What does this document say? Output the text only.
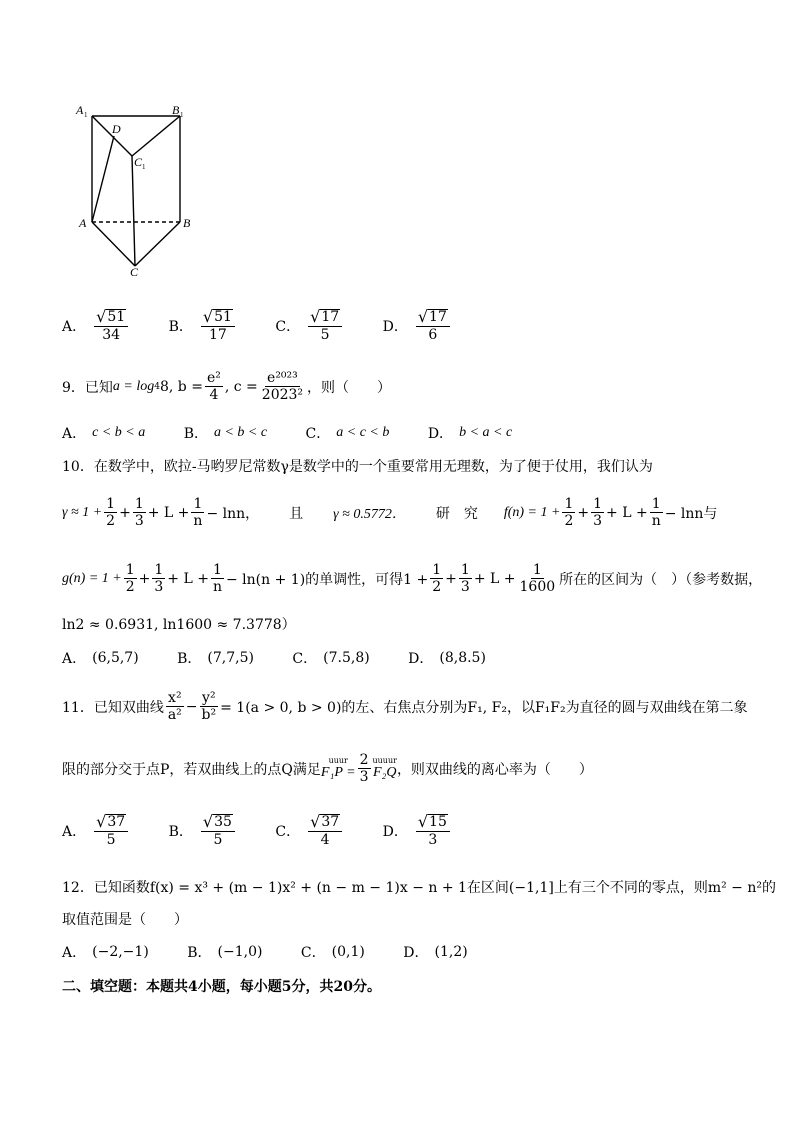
A 1	B 1
D
C 1
A	B
C
A． $\frac{√ 51}{34}$
	B． $\frac{√ 51}{17}$
	C． $\frac{√ 17}{5}$
	D． $\frac{√ 17}{6}$
9．已知 a = log 4 8, $b = \frac{\text{e²}}{4}$ , $c = \frac{\text{e²⁰²³}}{\text{2023²}}$ ，则（　　）
A． c < b < a
	B． a < b < c
	C． a < c < b
	D． b < a < c
10．在数学中，欧拉-马哟罗尼常数γ是数学中的一个重要常用无理数，为了便于仗用，我们认为
$\gamma \approx 1 + \frac{1}{2} + \frac{1}{3} + L + \frac{1}{n} - \ln n$， 且 γ ≈ 0.5772． 研　究 $f(n) = 1 + \frac{1}{2} + \frac{1}{3} + L + \frac{1}{n} - \ln n$与
$g(n) = 1 + \frac{1}{2} + \frac{1}{3} + L + \frac{1}{n} - \ln(n + 1)$的单调性，可得$1 + \frac{1}{2} + \frac{1}{3} + L + \frac{1}{1600}$ 所在的区间为（　）（参考数据，
ln2 ≈ 0.6931, ln1600 ≈ 7.3778）
A． (6,5,7)
	B． (7,7,5)
	C． (7.5,8)
	D． (8,8.5)
11．已知双曲线 $\frac{\text{x²}}{\text{a²}} - \frac{\text{y²}}{\text{b²}} = 1(a > 0$, b > 0)的左、右焦点分别为F₁, F₂，以F₁F₂为直径的圆与双曲线在第二象
限的部分交于点P，若双曲线上的点Q满足
uuur
$F_1P = \frac{2}{3}$ uuuur
F₂Q ，则双曲线的离心率为（　　）
A． $\frac{√ 37}{5}$
	B． $\frac{√ 35}{5}$
	C． $\frac{√ 37}{4}$
	D． $\frac{√ 15}{3}$
12．已知函数f(x) = x³ + (m − 1)x² + (n − m − 1)x − n + 1在区间(−1,1]上有三个不同的零点，则m² − n²的
取值范围是（　　）
A． (−2,−1)
	B． (−1,0)
	C． (0,1)
	D． (1,2)
二、填空题：本题共4小题，每小题5分，共20分。
